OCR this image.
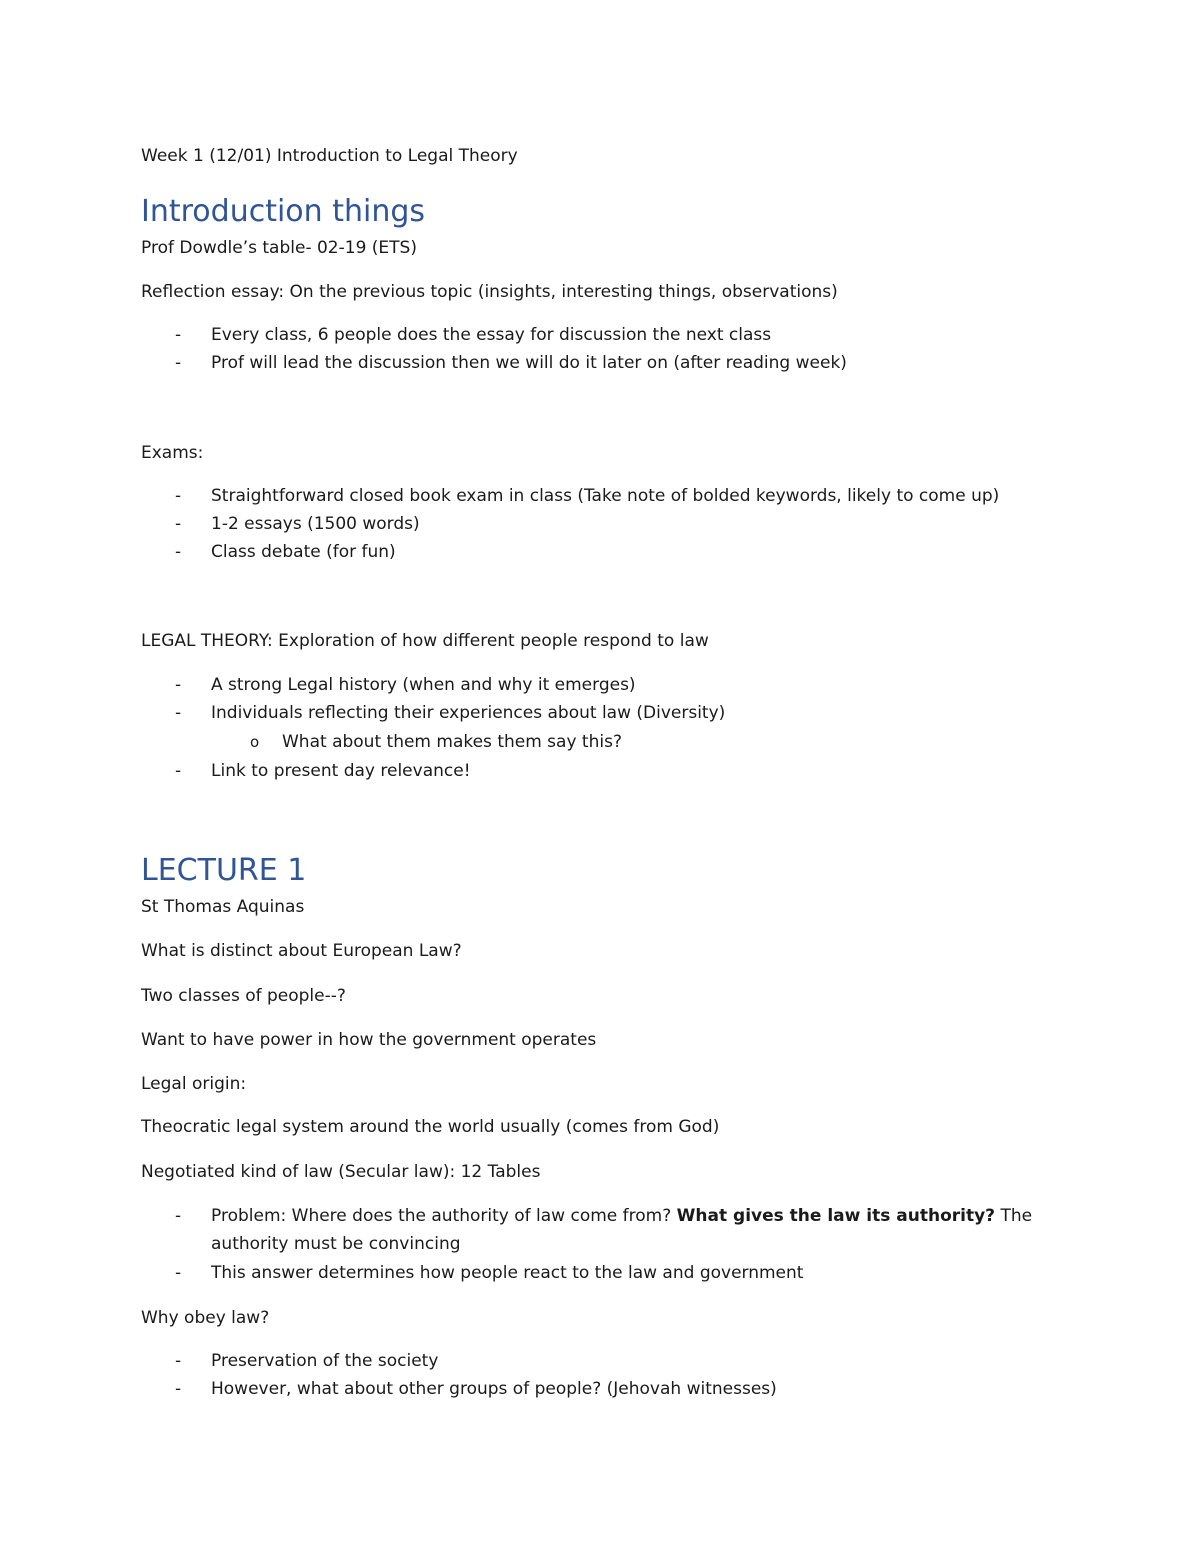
Week 1 (12/01) Introduction to Legal Theory
Introduction things
Prof Dowdle’s table- 02-19 (ETS)
Reflection essay: On the previous topic (insights, interesting things, observations)
- Every class, 6 people does the essay for discussion the next class
- Prof will lead the discussion then we will do it later on (after reading week)
Exams:
- Straightforward closed book exam in class (Take note of bolded keywords, likely to come up)
- 1-2 essays (1500 words)
- Class debate (for fun)
LEGAL THEORY: Exploration of how different people respond to law
- A strong Legal history (when and why it emerges)
- Individuals reflecting their experiences about law (Diversity)
o What about them makes them say this?
- Link to present day relevance!
LECTURE 1
St Thomas Aquinas
What is distinct about European Law?
Two classes of people--?
Want to have power in how the government operates
Legal origin:
Theocratic legal system around the world usually (comes from God)
Negotiated kind of law (Secular law): 12 Tables
- Problem: Where does the authority of law come from? What gives the law its authority? The
authority must be convincing
- This answer determines how people react to the law and government
Why obey law?
- Preservation of the society
- However, what about other groups of people? (Jehovah witnesses)
